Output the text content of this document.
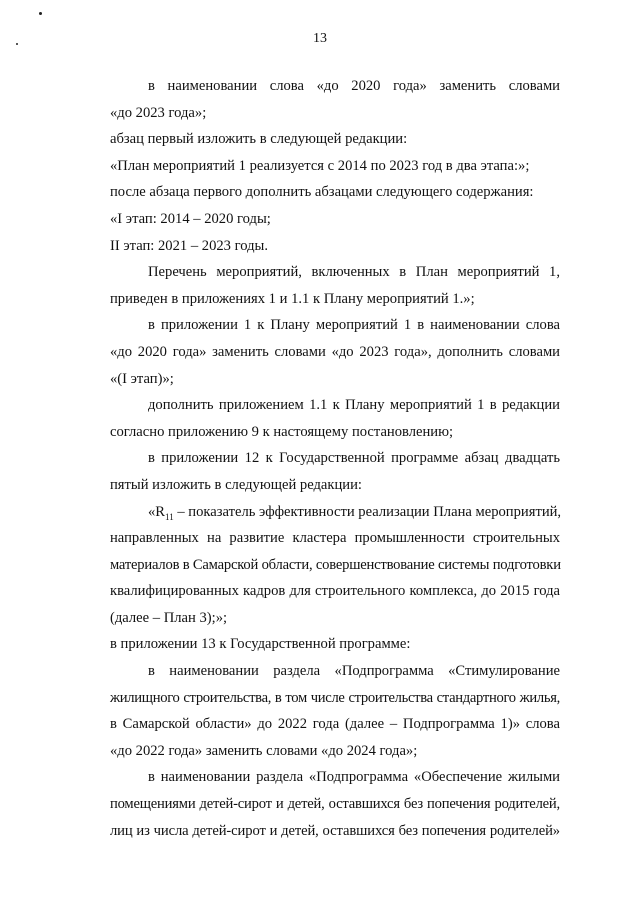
13
в наименовании слова «до 2020 года» заменить словами
«до 2023 года»;
абзац первый изложить в следующей редакции:
«План мероприятий 1 реализуется с 2014 по 2023 год в два этапа:»;
после абзаца первого дополнить абзацами следующего содержания:
«I этап: 2014 – 2020 годы;
II этап: 2021 – 2023 годы.
Перечень мероприятий, включенных в План мероприятий 1,
приведен в приложениях 1 и 1.1 к Плану мероприятий 1.»;
в приложении 1 к Плану мероприятий 1 в наименовании слова
«до 2020 года» заменить словами «до 2023 года», дополнить словами
«(I этап)»;
дополнить приложением 1.1 к Плану мероприятий 1 в редакции
согласно приложению 9 к настоящему постановлению;
в приложении 12 к Государственной программе абзац двадцать
пятый изложить в следующей редакции:
«$R_{11}$ – показатель эффективности реализации Плана мероприятий,
направленных на развитие кластера промышленности строительных
материалов в Самарской области, совершенствование системы подготовки
квалифицированных кадров для строительного комплекса, до 2015 года
(далее – План 3);»;
в приложении 13 к Государственной программе:
в наименовании раздела «Подпрограмма «Стимулирование
жилищного строительства, в том числе строительства стандартного жилья,
в Самарской области» до 2022 года (далее – Подпрограмма 1)» слова
«до 2022 года» заменить словами «до 2024 года»;
в наименовании раздела «Подпрограмма «Обеспечение жилыми
помещениями детей-сирот и детей, оставшихся без попечения родителей,
лиц из числа детей-сирот и детей, оставшихся без попечения родителей»
